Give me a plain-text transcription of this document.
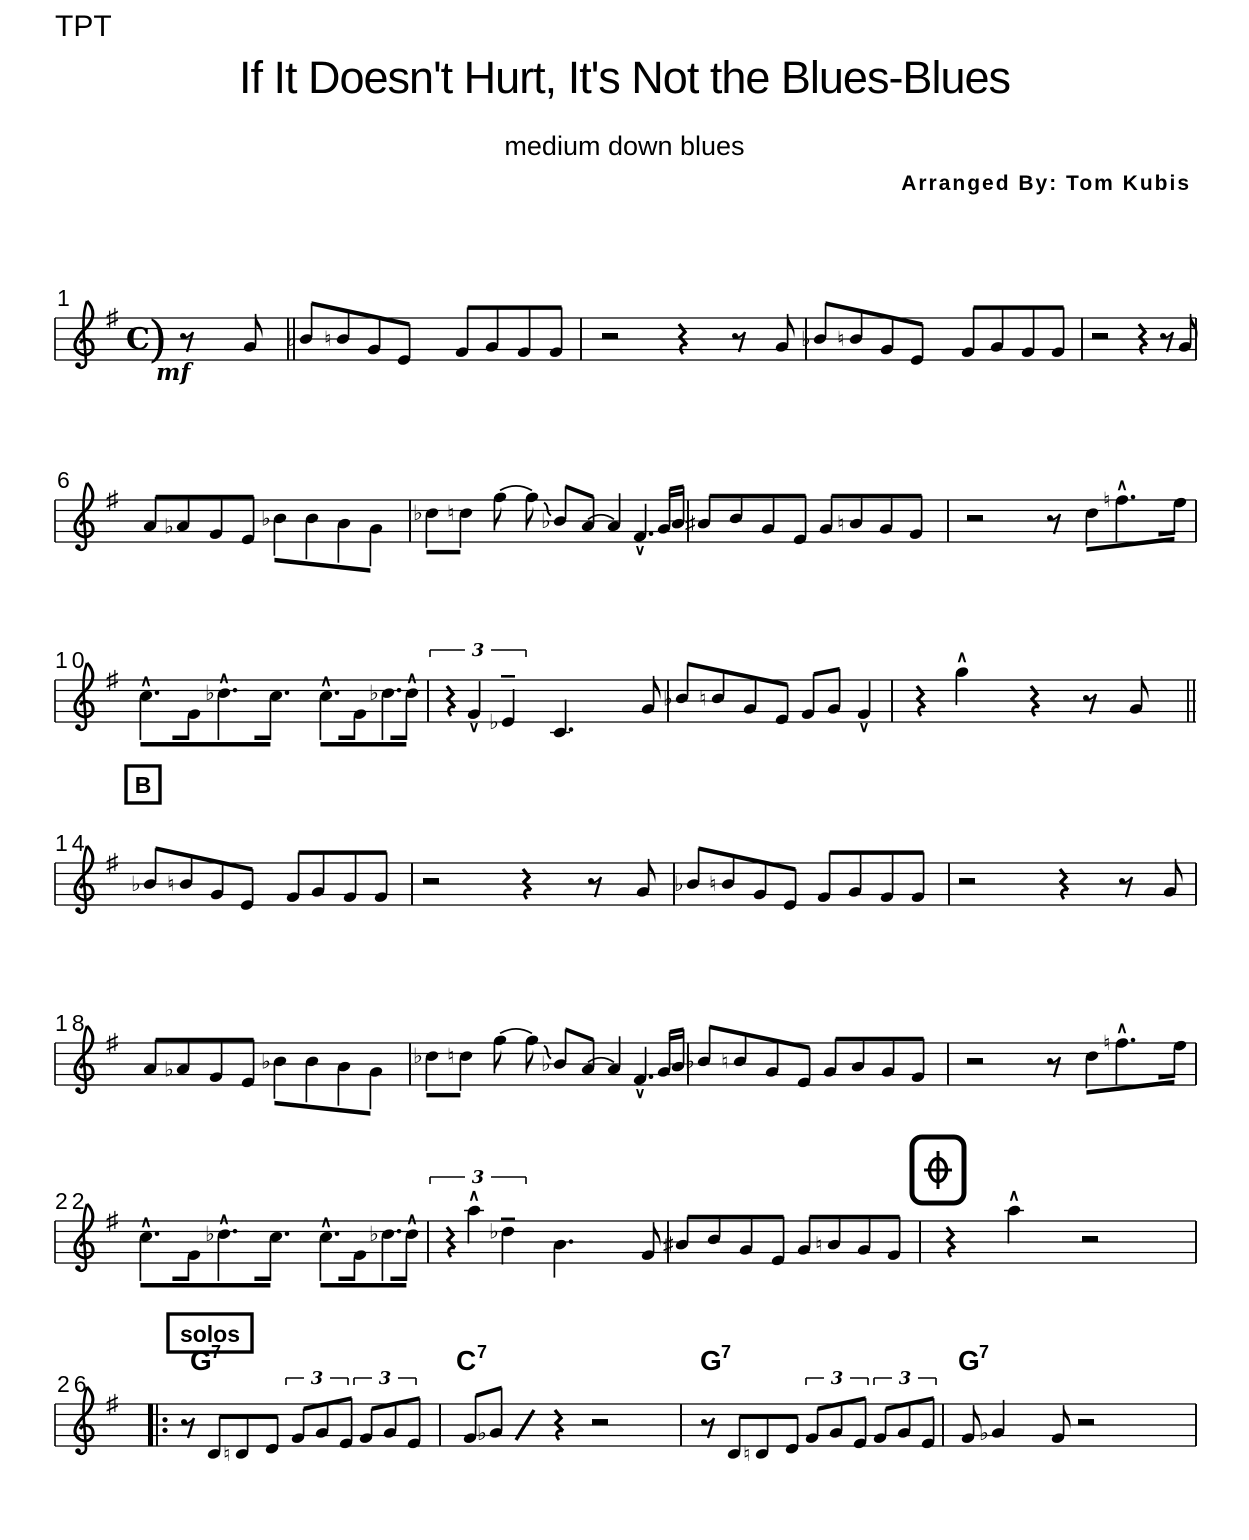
TPT
If It Doesn't Hurt, It's Not the Blues-Blues
medium down blues
Arranged By: Tom Kubis
1
♯
C
)
mf
♭ ♮	♭ ♮
6
♯
♭	♭	♭ ♮	♭
∨
♯	♮
♮
∧
10
♯
B
∧
♭
∧	∧
♭
∧
3
∨ ♭
♭ ♮
∨
∧
14
♯
♭ ♮	♭ ♮
18
♯
♭	♭	♭ ♮	♭
∨
♭ ♮
♮
∧
22
♯ ∧
♭
∧	∧
♭
∧
3
∧
♭
♯	♮
∧
26
♯
solos
G 7
♮
3	3
C 7
♭
G 7
♮
3	3
G 7
♭
